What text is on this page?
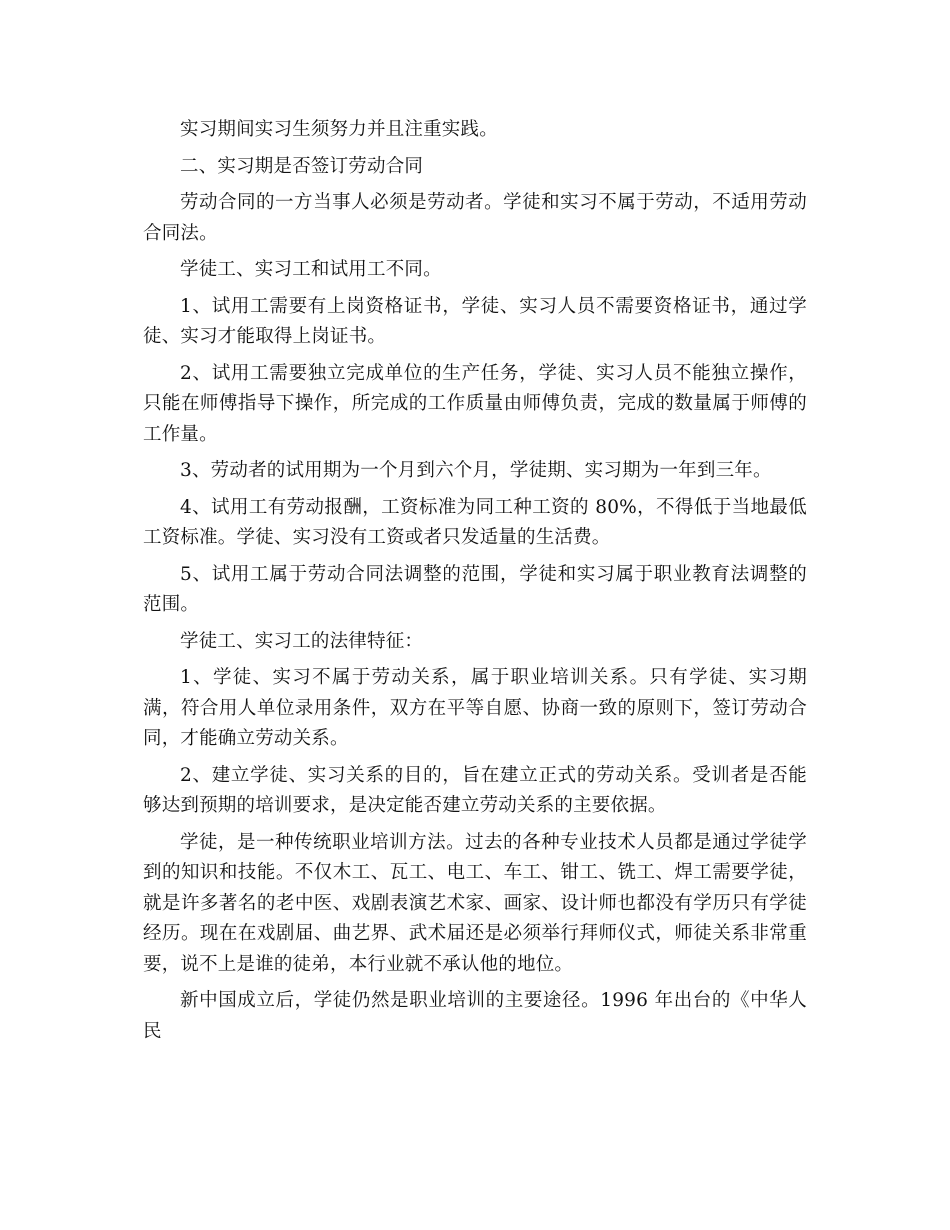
实习期间实习生须努力并且注重实践。

二、实习期是否签订劳动合同

劳动合同的一方当事人必须是劳动者。学徒和实习不属于劳动，不适用劳动合同法。

学徒工、实习工和试用工不同。

1、试用工需要有上岗资格证书，学徒、实习人员不需要资格证书，通过学徒、实习才能取得上岗证书。

2、试用工需要独立完成单位的生产任务，学徒、实习人员不能独立操作，只能在师傅指导下操作，所完成的工作质量由师傅负责，完成的数量属于师傅的工作量。

3、劳动者的试用期为一个月到六个月，学徒期、实习期为一年到三年。

4、试用工有劳动报酬，工资标准为同工种工资的 80%，不得低于当地最低工资标准。学徒、实习没有工资或者只发适量的生活费。

5、试用工属于劳动合同法调整的范围，学徒和实习属于职业教育法调整的范围。

学徒工、实习工的法律特征：

1、学徒、实习不属于劳动关系，属于职业培训关系。只有学徒、实习期满，符合用人单位录用条件，双方在平等自愿、协商一致的原则下，签订劳动合同，才能确立劳动关系。

2、建立学徒、实习关系的目的，旨在建立正式的劳动关系。受训者是否能够达到预期的培训要求，是决定能否建立劳动关系的主要依据。

学徒，是一种传统职业培训方法。过去的各种专业技术人员都是通过学徒学到的知识和技能。不仅木工、瓦工、电工、车工、钳工、铣工、焊工需要学徒，就是许多著名的老中医、戏剧表演艺术家、画家、设计师也都没有学历只有学徒经历。现在在戏剧届、曲艺界、武术届还是必须举行拜师仪式，师徒关系非常重要，说不上是谁的徒弟，本行业就不承认他的地位。

新中国成立后，学徒仍然是职业培训的主要途径。1996 年出台的《中华人民
